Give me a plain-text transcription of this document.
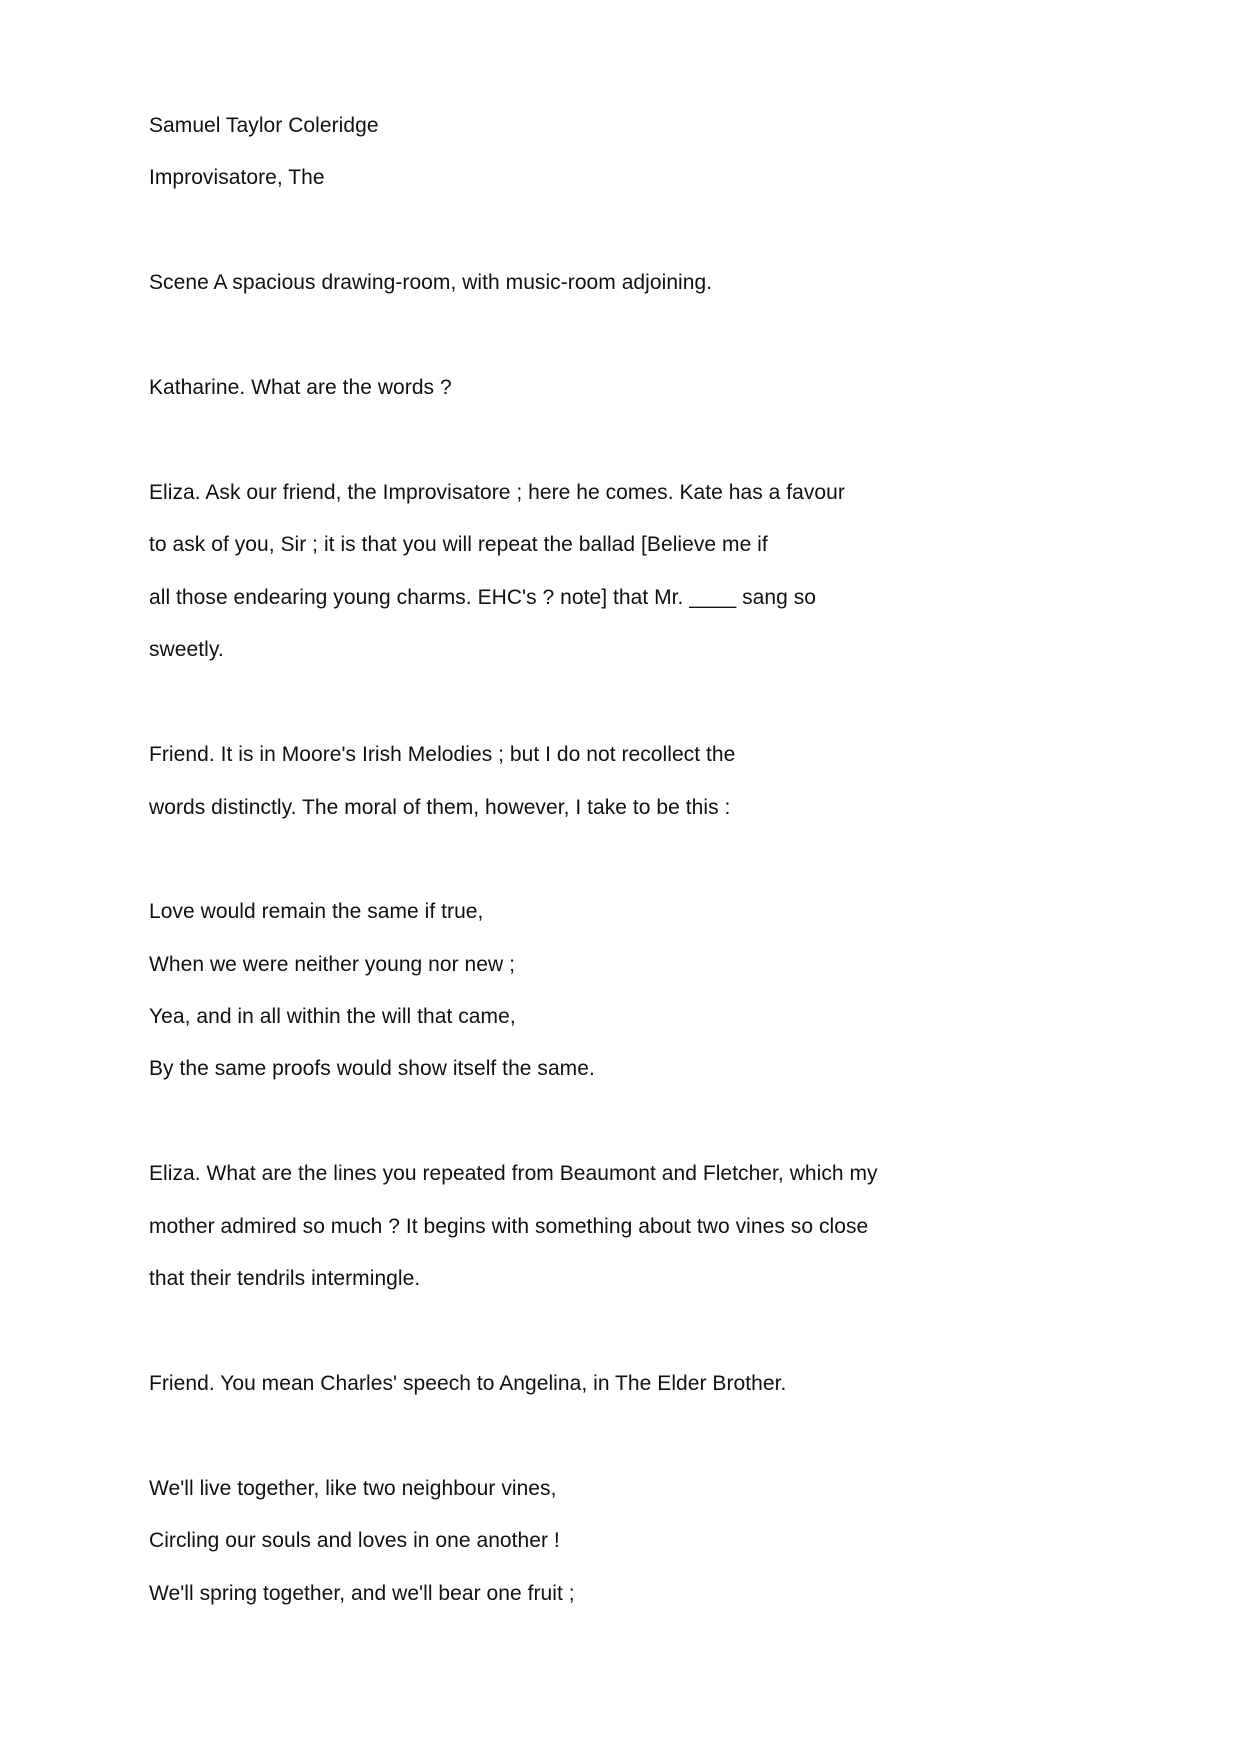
Samuel Taylor Coleridge
Improvisatore, The
Scene A spacious drawing-room, with music-room adjoining.
Katharine. What are the words ?
Eliza. Ask our friend, the Improvisatore ; here he comes. Kate has a favour
to ask of you, Sir ; it is that you will repeat the ballad [Believe me if
all those endearing young charms. EHC's ? note] that Mr. ____ sang so
sweetly.
Friend. It is in Moore's Irish Melodies ; but I do not recollect the
words distinctly. The moral of them, however, I take to be this :
Love would remain the same if true,
When we were neither young nor new ;
Yea, and in all within the will that came,
By the same proofs would show itself the same.
Eliza. What are the lines you repeated from Beaumont and Fletcher, which my
mother admired so much ? It begins with something about two vines so close
that their tendrils intermingle.
Friend. You mean Charles' speech to Angelina, in The Elder Brother.
We'll live together, like two neighbour vines,
Circling our souls and loves in one another !
We'll spring together, and we'll bear one fruit ;
